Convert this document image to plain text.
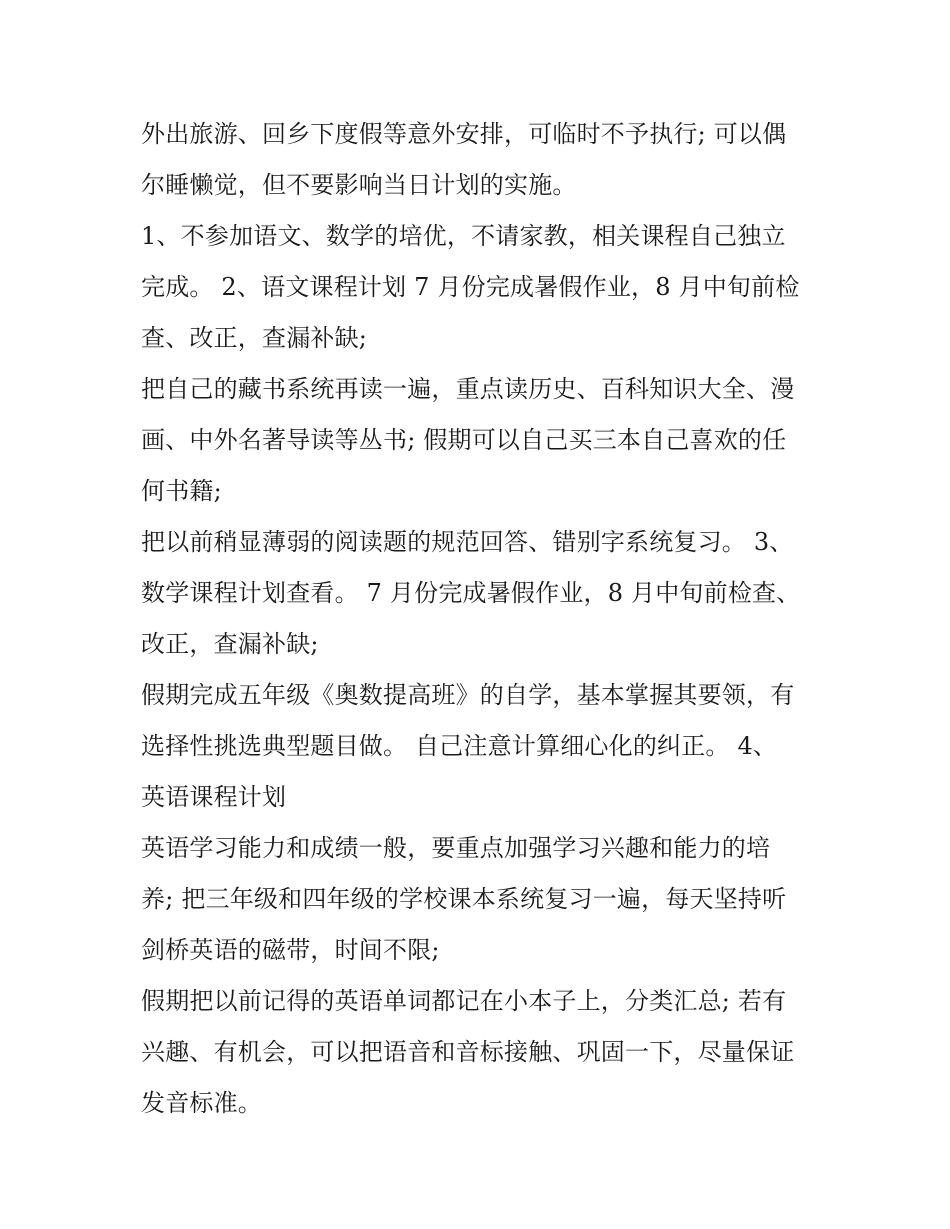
外出旅游、回乡下度假等意外安排，可临时不予执行; 可以偶
尔睡懒觉，但不要影响当日计划的实施。
1、不参加语文、数学的培优，不请家教，相关课程自己独立
完成。 2、语文课程计划 7 月份完成暑假作业，8 月中旬前检
查、改正，查漏补缺;
把自己的藏书系统再读一遍，重点读历史、百科知识大全、漫
画、中外名著导读等丛书; 假期可以自己买三本自己喜欢的任
何书籍;
把以前稍显薄弱的阅读题的规范回答、错别字系统复习。 3、
数学课程计划查看。 7 月份完成暑假作业，8 月中旬前检查、
改正，查漏补缺;
假期完成五年级《奥数提高班》的自学，基本掌握其要领，有
选择性挑选典型题目做。 自己注意计算细心化的纠正。 4、
英语课程计划
英语学习能力和成绩一般，要重点加强学习兴趣和能力的培
养; 把三年级和四年级的学校课本系统复习一遍，每天坚持听
剑桥英语的磁带，时间不限;
假期把以前记得的英语单词都记在小本子上，分类汇总; 若有
兴趣、有机会，可以把语音和音标接触、巩固一下，尽量保证
发音标准。
